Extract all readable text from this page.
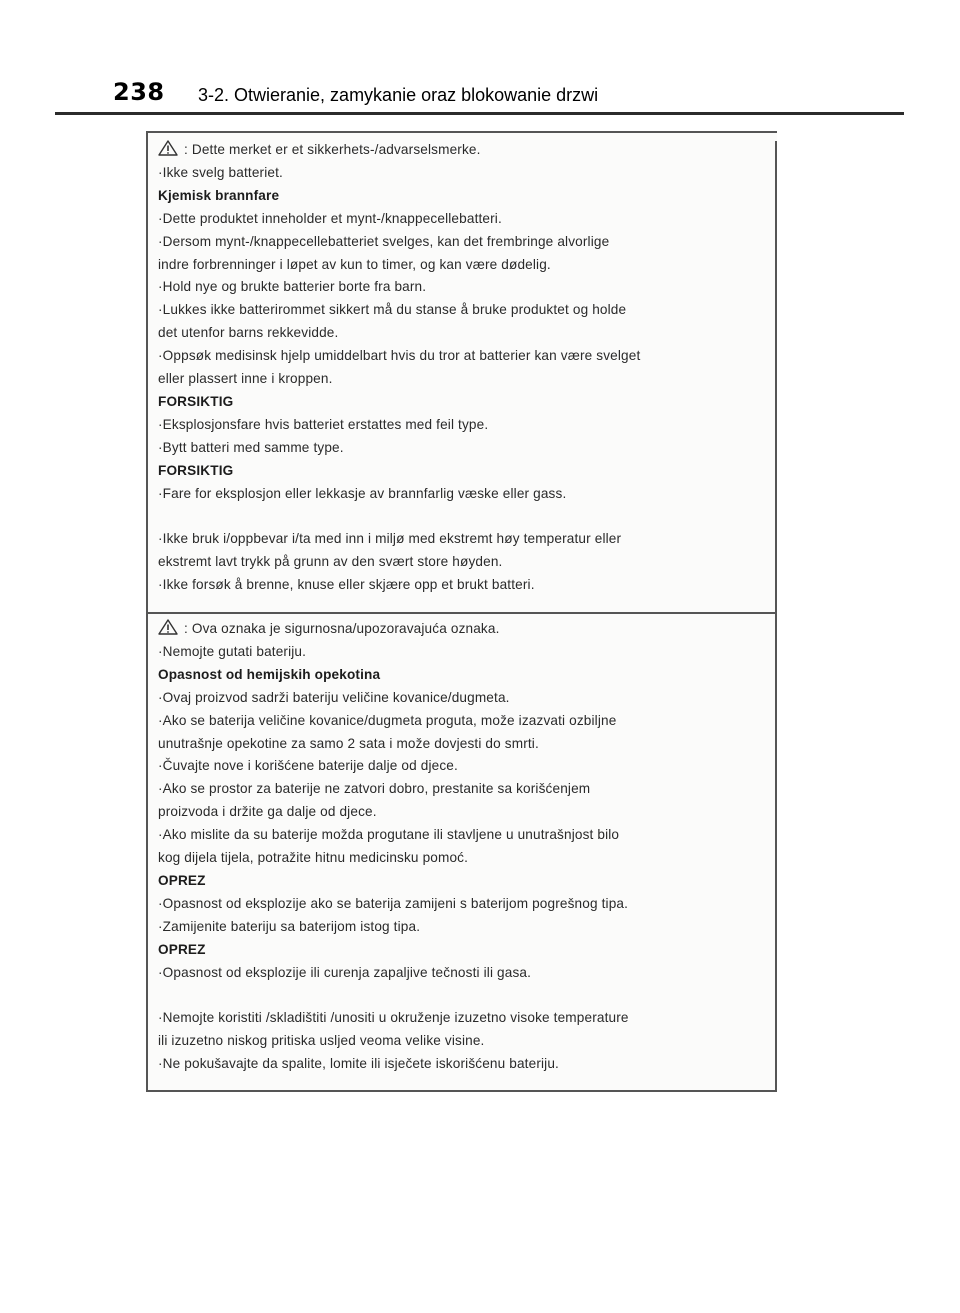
238 3-2. Otwieranie, zamykanie oraz blokowanie drzwi
: Dette merket er et sikkerhets-/advarselsmerke.
·Ikke svelg batteriet.
Kjemisk brannfare
·Dette produktet inneholder et mynt-/knappecellebatteri.
·Dersom mynt-/knappecellebatteriet svelges, kan det frembringe alvorlige
indre forbrenninger i løpet av kun to timer, og kan være dødelig.
·Hold nye og brukte batterier borte fra barn.
·Lukkes ikke batterirommet sikkert må du stanse å bruke produktet og holde
det utenfor barns rekkevidde.
·Oppsøk medisinsk hjelp umiddelbart hvis du tror at batterier kan være svelget
eller plassert inne i kroppen.
FORSIKTIG
·Eksplosjonsfare hvis batteriet erstattes med feil type.
·Bytt batteri med samme type.
FORSIKTIG
·Fare for eksplosjon eller lekkasje av brannfarlig væske eller gass.
·Ikke bruk i/oppbevar i/ta med inn i miljø med ekstremt høy temperatur eller
ekstremt lavt trykk på grunn av den svært store høyden.
·Ikke forsøk å brenne, knuse eller skjære opp et brukt batteri.
: Ova oznaka je sigurnosna/upozoravajuća oznaka.
·Nemojte gutati bateriju.
Opasnost od hemijskih opekotina
·Ovaj proizvod sadrži bateriju veličine kovanice/dugmeta.
·Ako se baterija veličine kovanice/dugmeta proguta, može izazvati ozbiljne
unutrašnje opekotine za samo 2 sata i može dovjesti do smrti.
·Čuvajte nove i korišćene baterije dalje od djece.
·Ako se prostor za baterije ne zatvori dobro, prestanite sa korišćenjem
proizvoda i držite ga dalje od djece.
·Ako mislite da su baterije možda progutane ili stavljene u unutrašnjost bilo
kog dijela tijela, potražite hitnu medicinsku pomoć.
OPREZ
·Opasnost od eksplozije ako se baterija zamijeni s baterijom pogrešnog tipa.
·Zamijenite bateriju sa baterijom istog tipa.
OPREZ
·Opasnost od eksplozije ili curenja zapaljive tečnosti ili gasa.
·Nemojte koristiti /skladištiti /unositi u okruženje izuzetno visoke temperature
ili izuzetno niskog pritiska usljed veoma velike visine.
·Ne pokušavajte da spalite, lomite ili isječete iskorišćenu bateriju.
